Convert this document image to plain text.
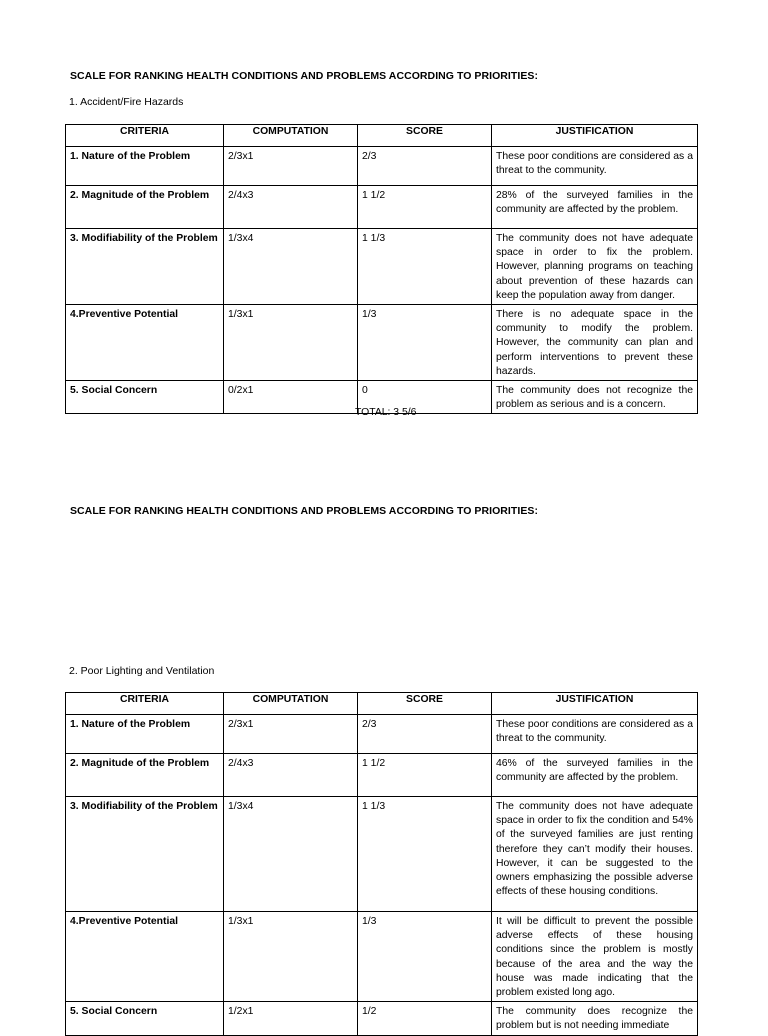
SCALE FOR RANKING HEALTH CONDITIONS AND PROBLEMS ACCORDING TO PRIORITIES:
1. Accident/Fire Hazards
CRITERIA	COMPUTATION	SCORE	JUSTIFICATION
1. Nature of the Problem	2/3x1	2/3	These poor conditions are considered as a threat to the community.
2. Magnitude of the Problem	2/4x3	1 1/2	28% of the surveyed families in the community are affected by the problem.
3. Modifiability of the Problem	1/3x4	1 1/3	The community does not have adequate space in order to fix the problem. However, planning programs on teaching about prevention of these hazards can keep the population away from danger.
4.Preventive Potential	1/3x1	1/3	There is no adequate space in the community to modify the problem. However, the community can plan and perform interventions to prevent these hazards.
5. Social Concern	0/2x1	0	The community does not recognize the problem as serious and is a concern.
TOTAL: 3 5/6
SCALE FOR RANKING HEALTH CONDITIONS AND PROBLEMS ACCORDING TO PRIORITIES:
2. Poor Lighting and Ventilation
CRITERIA	COMPUTATION	SCORE	JUSTIFICATION
1. Nature of the Problem	2/3x1	2/3	These poor conditions are considered as a threat to the community.
2. Magnitude of the Problem	2/4x3	1 1/2	46% of the surveyed families in the community are affected by the problem.
3. Modifiability of the Problem	1/3x4	1 1/3	The community does not have adequate space in order to fix the condition and 54% of the surveyed families are just renting therefore they can’t modify their houses. However, it can be suggested to the owners emphasizing the possible adverse effects of these housing conditions.
4.Preventive Potential	1/3x1	1/3	It will be difficult to prevent the possible adverse effects of these housing conditions since the problem is mostly because of the area and the way the house was made indicating that the problem existed long ago.
5. Social Concern	1/2x1	1/2	The community does recognize the problem but is not needing immediate
